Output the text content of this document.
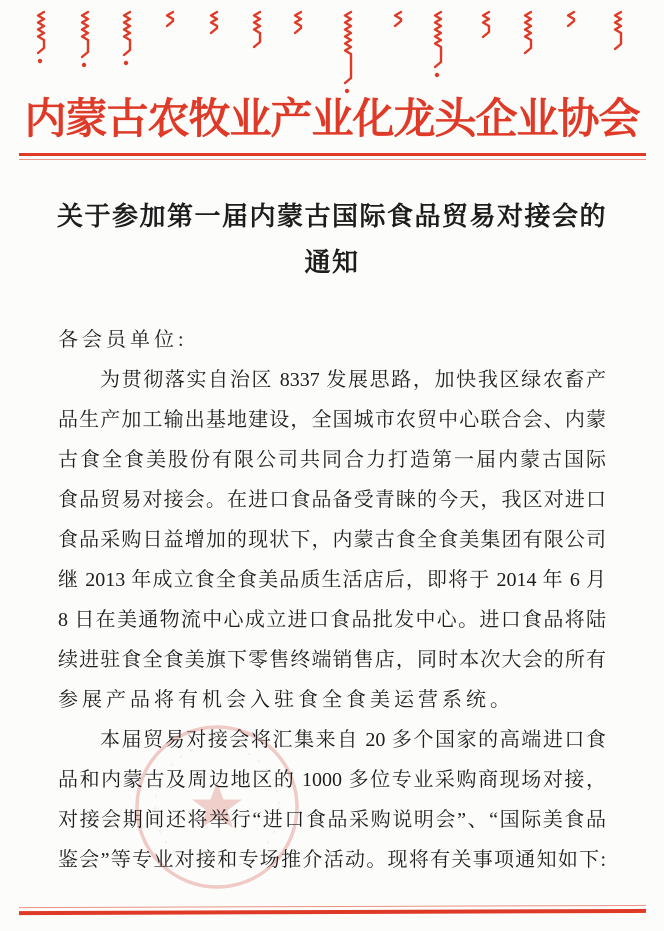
内蒙古农牧业产业化龙头企业协会
关于参加第一届内蒙古国际食品贸易对接会的
通知
各会员单位:
为贯彻落实自治区 8337 发展思路，加快我区绿农畜产
品生产加工输出基地建设，全国城市农贸中心联合会、内蒙
古食全食美股份有限公司共同合力打造第一届内蒙古国际
食品贸易对接会。在进口食品备受青睐的今天，我区对进口
食品采购日益增加的现状下，内蒙古食全食美集团有限公司
继 2013 年成立食全食美品质生活店后，即将于 2014 年 6 月
8 日在美通物流中心成立进口食品批发中心。进口食品将陆
续进驻食全食美旗下零售终端销售店，同时本次大会的所有
参展产品将有机会入驻食全食美运营系统。
本届贸易对接会将汇集来自 20 多个国家的高端进口食
品和内蒙古及周边地区的 1000 多位专业采购商现场对接，
对接会期间还将举行“进口食品采购说明会”、“国际美食品
鉴会”等专业对接和专场推介活动。现将有关事项通知如下:
